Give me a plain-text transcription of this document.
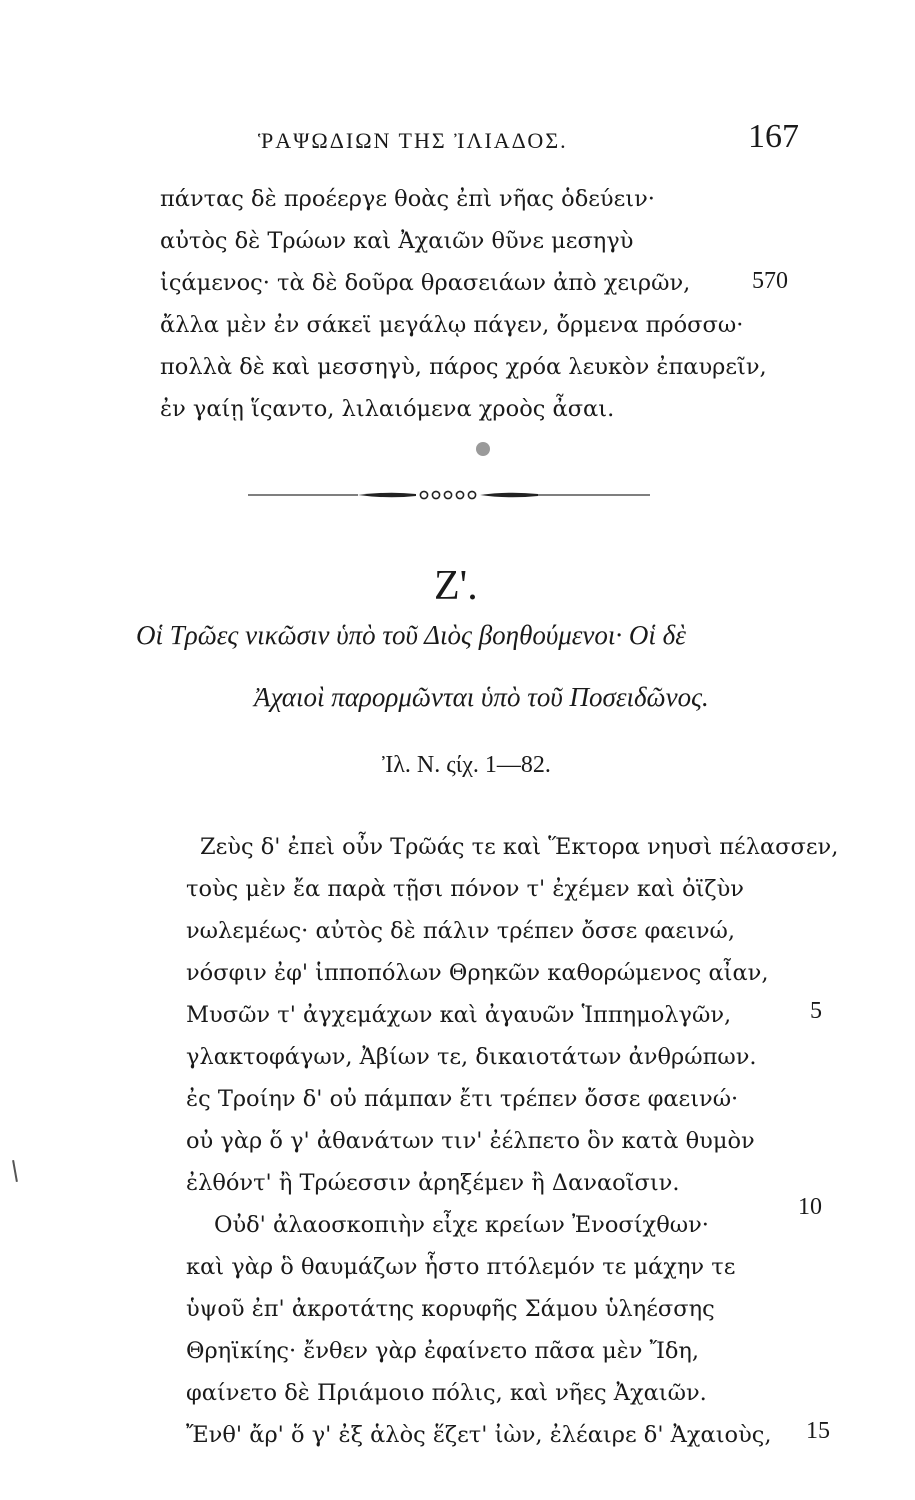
ῬΑΨΩΔΙΩΝ ΤΗΣ ἸΛΙΑΔΟΣ.	167
πάντας δὲ προέεργε θοὰς ἐπὶ νῆας ὁδεύειν·
αὐτὸς δὲ Τρώων καὶ Ἀχαιῶν θῦνε μεσηγὺ
ἱςάμενος· τὰ δὲ δοῦρα θρασειάων ἀπὸ χειρῶν,	570
ἄλλα μὲν ἐν σάκεϊ μεγάλῳ πάγεν, ὄρμενα πρόσσω·
πολλὰ δὲ καὶ μεσσηγὺ, πάρος χρόα λευκὸν ἐπαυρεῖν,
ἐν γαίῃ ἵςαντο, λιλαιόμενα χροὸς ἆσαι.
Ζ'.
Οἱ Τρῶες νικῶσιν ὑπὸ τοῦ Διὸς βοηθούμενοι· Οἱ δὲ
Ἀχαιοὶ παρορμῶνται ὑπὸ τοῦ Ποσειδῶνος.
Ἰλ. Ν. ςίχ. 1—82.
Ζεὺς δ' ἐπεὶ οὖν Τρῶάς τε καὶ Ἕκτορα νηυσὶ πέλασσεν,
τοὺς μὲν ἔα παρὰ τῇσι πόνον τ' ἐχέμεν καὶ ὀϊζὺν
νωλεμέως· αὐτὸς δὲ πάλιν τρέπεν ὄσσε φαεινώ,
νόσφιν ἐφ' ἱπποπόλων Θρηκῶν καθορώμενος αἶαν,
Μυσῶν τ' ἀγχεμάχων καὶ ἀγαυῶν Ἱππημολγῶν,	5
γλακτοφάγων, Ἀβίων τε, δικαιοτάτων ἀνθρώπων.
ἐς Τροίην δ' οὐ πάμπαν ἔτι τρέπεν ὄσσε φαεινώ·
οὐ γὰρ ὅ γ' ἀθανάτων τιν' ἐέλπετο ὃν κατὰ θυμὸν
ἐλθόντ' ἢ Τρώεσσιν ἀρηξέμεν ἢ Δαναοῖσιν.
Οὐδ' ἀλαοσκοπιὴν εἶχε κρείων Ἐνοσίχθων·
10
καὶ γὰρ ὃ θαυμάζων ἧστο πτόλεμόν τε μάχην τε
ὑψοῦ ἐπ' ἀκροτάτης κορυφῆς Σάμου ὑληέσσης
Θρηϊκίης· ἔνθεν γὰρ ἐφαίνετο πᾶσα μὲν Ἴδη,
φαίνετο δὲ Πριάμοιο πόλις, καὶ νῆες Ἀχαιῶν.
Ἔνθ' ἄρ' ὅ γ' ἐξ ἁλὸς ἕζετ' ἰὼν, ἐλέαιρε δ' Ἀχαιοὺς, 15
